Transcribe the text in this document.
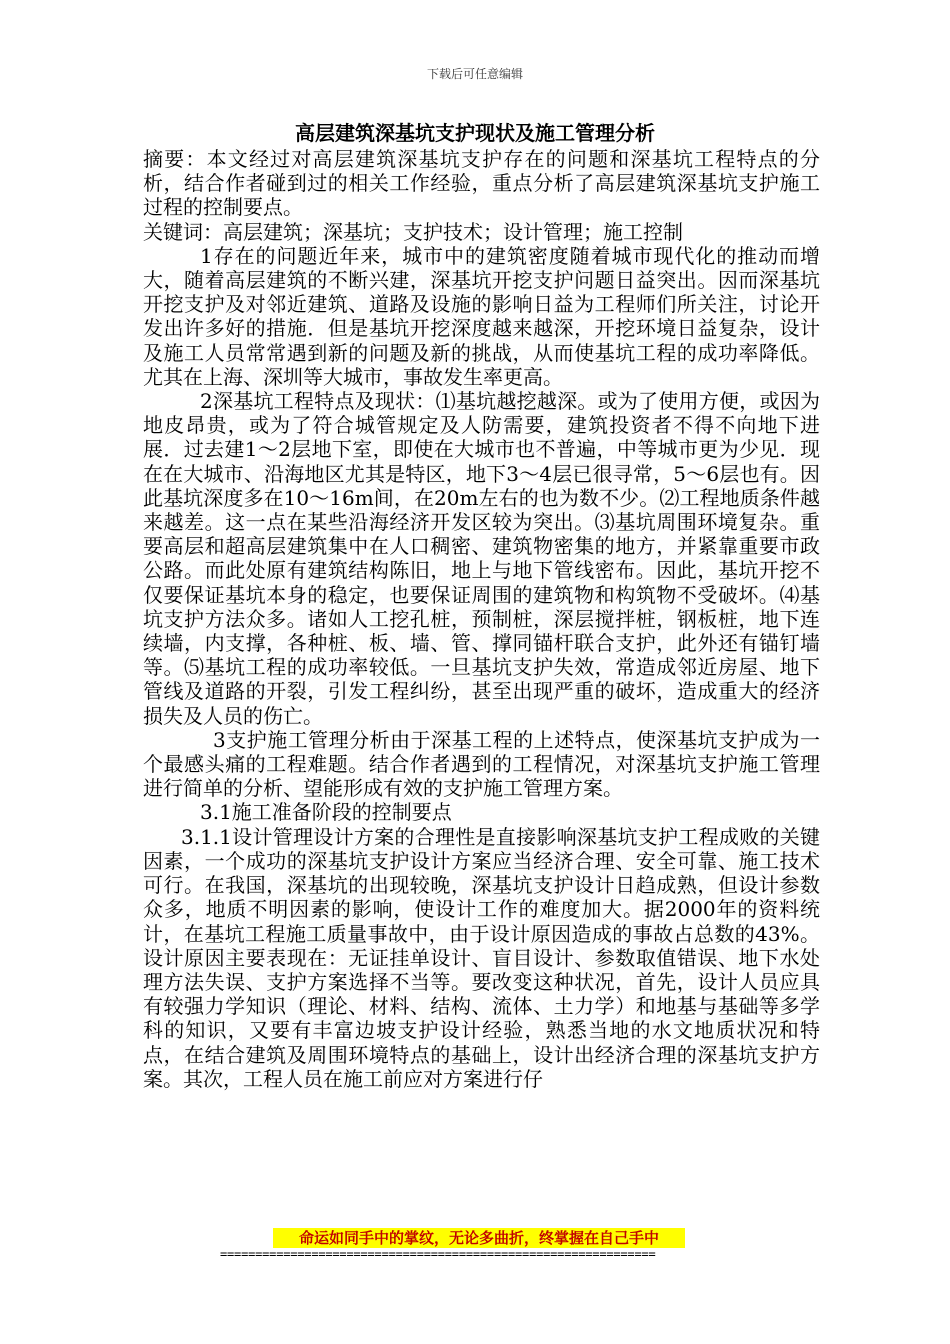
下载后可任意编辑
高层建筑深基坑支护现状及施工管理分析

摘要：本文经过对高层建筑深基坑支护存在的问题和深基坑工程特点的分析，结合作者碰到过的相关工作经验，重点分析了高层建筑深基坑支护施工过程的控制要点。

关键词：高层建筑；深基坑；支护技术；设计管理；施工控制

1存在的问题近年来，城市中的建筑密度随着城市现代化的推动而增大，随着高层建筑的不断兴建，深基坑开挖支护问题日益突出。因而深基坑开挖支护及对邻近建筑、道路及设施的影响日益为工程师们所关注，讨论开发出许多好的措施．但是基坑开挖深度越来越深，开挖环境日益复杂，设计及施工人员常常遇到新的问题及新的挑战，从而使基坑工程的成功率降低。尤其在上海、深圳等大城市，事故发生率更高。

2深基坑工程特点及现状：⑴基坑越挖越深。或为了使用方便，或因为地皮昂贵，或为了符合城管规定及人防需要，建筑投资者不得不向地下进展．过去建1～2层地下室，即使在大城市也不普遍，中等城市更为少见．现在在大城市、沿海地区尤其是特区，地下3～4层已很寻常，5～6层也有。因此基坑深度多在10～16m间，在20m左右的也为数不少。⑵工程地质条件越来越差。这一点在某些沿海经济开发区较为突出。⑶基坑周围环境复杂。重要高层和超高层建筑集中在人口稠密、建筑物密集的地方，并紧靠重要市政公路。而此处原有建筑结构陈旧，地上与地下管线密布。因此，基坑开挖不仅要保证基坑本身的稳定，也要保证周围的建筑物和构筑物不受破坏。⑷基坑支护方法众多。诸如人工挖孔桩，预制桩，深层搅拌桩，钢板桩，地下连续墙，内支撑，各种桩、板、墙、管、撑同锚杆联合支护，此外还有锚钉墙等。⑸基坑工程的成功率较低。一旦基坑支护失效，常造成邻近房屋、地下管线及道路的开裂，引发工程纠纷，甚至出现严重的破坏，造成重大的经济损失及人员的伤亡。

3支护施工管理分析由于深基工程的上述特点，使深基坑支护成为一个最感头痛的工程难题。结合作者遇到的工程情况，对深基坑支护施工管理进行简单的分析、望能形成有效的支护施工管理方案。

3.1施工准备阶段的控制要点

3.1.1设计管理设计方案的合理性是直接影响深基坑支护工程成败的关键因素，一个成功的深基坑支护设计方案应当经济合理、安全可靠、施工技术可行。在我国，深基坑的出现较晚，深基坑支护设计日趋成熟，但设计参数众多，地质不明因素的影响，使设计工作的难度加大。据2000年的资料统计，在基坑工程施工质量事故中，由于设计原因造成的事故占总数的43%。设计原因主要表现在：无证挂单设计、盲目设计、参数取值错误、地下水处理方法失误、支护方案选择不当等。要改变这种状况，首先，设计人员应具有较强力学知识（理论、材料、结构、流体、土力学）和地基与基础等多学科的知识，又要有丰富边坡支护设计经验，熟悉当地的水文地质状况和特点，在结合建筑及周围环境特点的基础上，设计出经济合理的深基坑支护方案。其次，工程人员在施工前应对方案进行仔

命运如同手中的掌纹，无论多曲折，终掌握在自己手中
==============================================================
